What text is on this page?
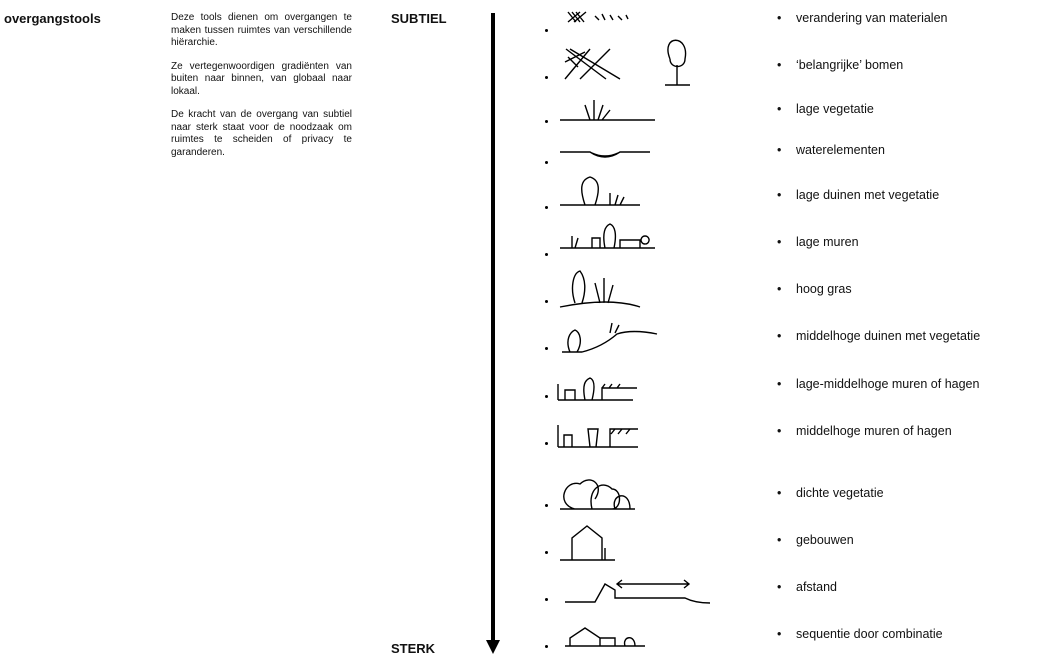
overgangstools	Deze tools dienen om overgangen te maken tussen ruimtes van verschillende hiërarchie.

Ze vertegenwoordigen gradiënten van buiten naar binnen, van globaal naar lokaal.

De kracht van de overgang van subtiel naar sterk staat voor de noodzaak om ruimtes te scheiden of privacy te garanderen.

SUBTIEL
STERK
• verandering van materialen
• ‘belangrijke’ bomen
• lage vegetatie
• waterelementen
• lage duinen met vegetatie
• lage muren
• hoog gras
• middelhoge duinen met vegetatie
• lage-middelhoge muren of hagen
• middelhoge muren of hagen
• dichte vegetatie
• gebouwen
• afstand
• sequentie door combinatie
